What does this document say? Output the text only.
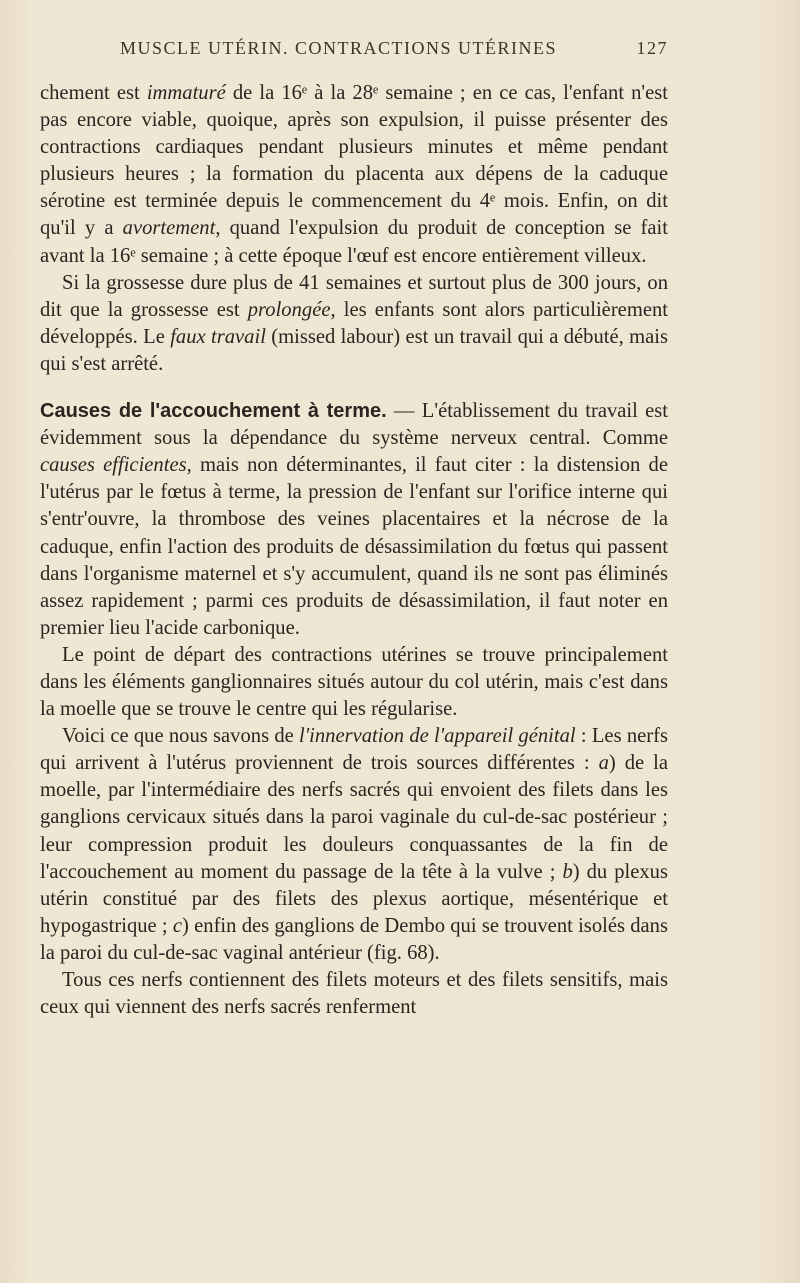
MUSCLE UTÉRIN. CONTRACTIONS UTÉRINES	127

chement est immaturé de la 16ᵉ à la 28ᵉ semaine ; en ce cas, l'enfant n'est pas encore viable, quoique, après son expulsion, il puisse présenter des contractions cardiaques pendant plusieurs minutes et même pendant plusieurs heures ; la formation du placenta aux dépens de la caduque sérotine est terminée depuis le commencement du 4ᵉ mois. Enfin, on dit qu'il y a avortement, quand l'expulsion du produit de conception se fait avant la 16ᵉ semaine ; à cette époque l'œuf est encore entièrement villeux.

Si la grossesse dure plus de 41 semaines et surtout plus de 300 jours, on dit que la grossesse est prolongée, les enfants sont alors particulièrement développés. Le faux travail (missed labour) est un travail qui a débuté, mais qui s'est arrêté.

Causes de l'accouchement à terme. — L'établissement du travail est évidemment sous la dépendance du système nerveux central. Comme causes efficientes, mais non déterminantes, il faut citer : la distension de l'utérus par le fœtus à terme, la pression de l'enfant sur l'orifice interne qui s'entr'ouvre, la thrombose des veines placentaires et la nécrose de la caduque, enfin l'action des produits de désassimilation du fœtus qui passent dans l'organisme maternel et s'y accumulent, quand ils ne sont pas éliminés assez rapidement ; parmi ces produits de désassimilation, il faut noter en premier lieu l'acide carbonique.

Le point de départ des contractions utérines se trouve principalement dans les éléments ganglionnaires situés autour du col utérin, mais c'est dans la moelle que se trouve le centre qui les régularise.

Voici ce que nous savons de l'innervation de l'appareil génital : Les nerfs qui arrivent à l'utérus proviennent de trois sources différentes : a) de la moelle, par l'intermédiaire des nerfs sacrés qui envoient des filets dans les ganglions cervicaux situés dans la paroi vaginale du cul-de-sac postérieur ; leur compression produit les douleurs conquassantes de la fin de l'accouchement au moment du passage de la tête à la vulve ; b) du plexus utérin constitué par des filets des plexus aortique, mésentérique et hypogastrique ; c) enfin des ganglions de Dembo qui se trouvent isolés dans la paroi du cul-de-sac vaginal antérieur (fig. 68).

Tous ces nerfs contiennent des filets moteurs et des filets sensitifs, mais ceux qui viennent des nerfs sacrés renferment
